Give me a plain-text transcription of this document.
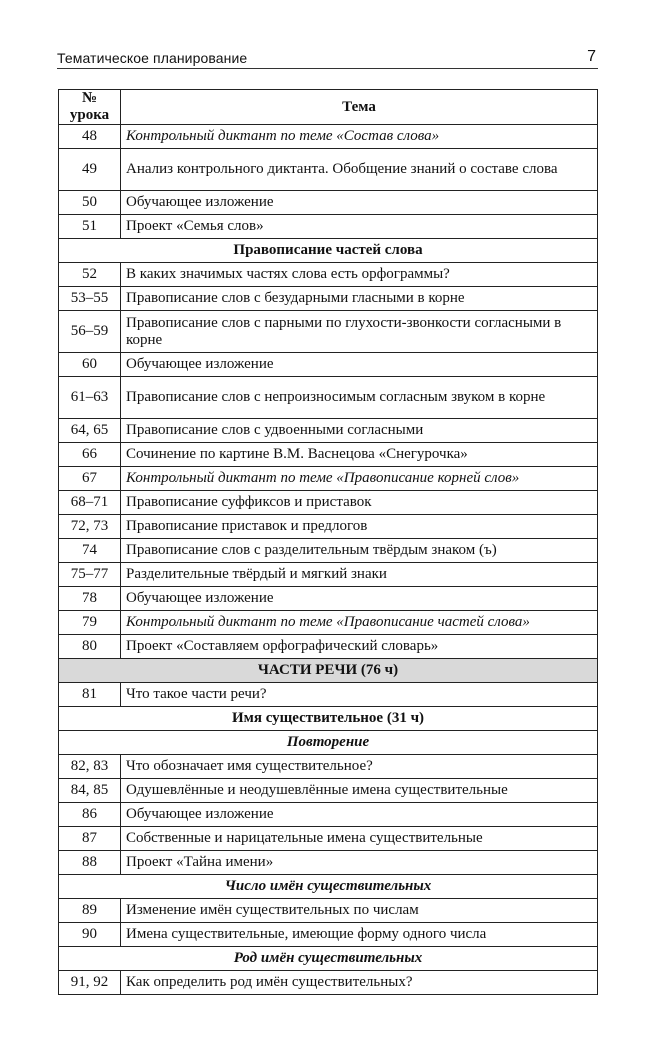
Тематическое планирование	7
№ урока	Тема
48	Контрольный диктант по теме «Состав слова»
49	Анализ контрольного диктанта. Обобщение знаний о составе слова
50	Обучающее изложение
51	Проект «Семья слов»
Правописание частей слова	
52	В каких значимых частях слова есть орфограммы?
53–55	Правописание слов с безударными гласными в корне
56–59	Правописание слов с парными по глухости-звонкости согласными в корне
60	Обучающее изложение
61–63	Правописание слов с непроизносимым согласным звуком в корне
64, 65	Правописание слов с удвоенными согласными
66	Сочинение по картине В.М. Васнецова «Снегурочка»
67	Контрольный диктант по теме «Правописание корней слов»
68–71	Правописание суффиксов и приставок
72, 73	Правописание приставок и предлогов
74	Правописание слов с разделительным твёрдым знаком (ъ)
75–77	Разделительные твёрдый и мягкий знаки
78	Обучающее изложение
79	Контрольный диктант по теме «Правописание частей слова»
80	Проект «Составляем орфографический словарь»
ЧАСТИ РЕЧИ (76 ч)	
81	Что такое части речи?
Имя существительное (31 ч)	
Повторение	
82, 83	Что обозначает имя существительное?
84, 85	Одушевлённые и неодушевлённые имена существительные
86	Обучающее изложение
87	Собственные и нарицательные имена существительные
88	Проект «Тайна имени»
Число имён существительных	
89	Изменение имён существительных по числам
90	Имена существительные, имеющие форму одного числа
Род имён существительных	
91, 92	Как определить род имён существительных?
